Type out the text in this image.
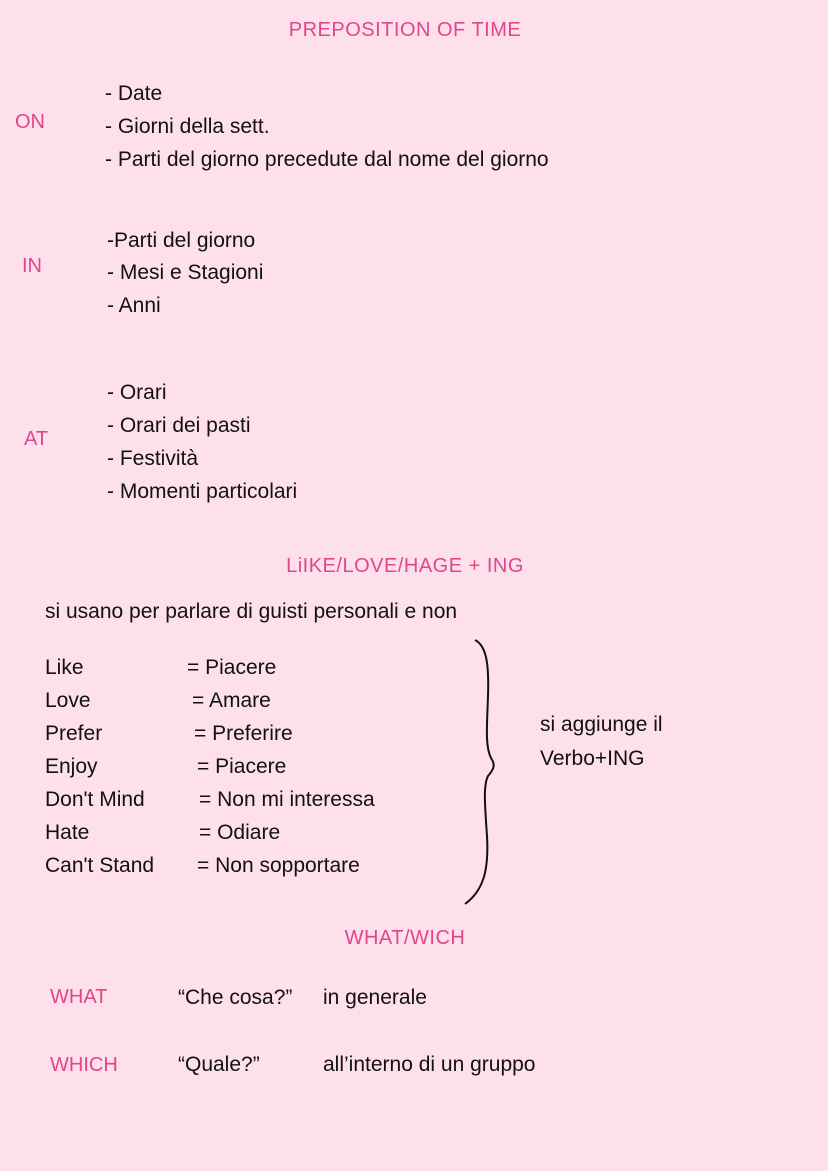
PREPOSITION OF TIME
ON
- Date
- Giorni della sett.
- Parti del giorno precedute dal nome del giorno
IN
-Parti del giorno
- Mesi e Stagioni
- Anni
AT
- Orari
- Orari dei pasti
- Festività
- Momenti particolari
LiIKE/LOVE/HAGE + ING
si usano per parlare di guisti personali e non
Like	= Piacere
Love	= Amare
Prefer	= Preferire
Enjoy	= Piacere
Don't Mind	= Non mi interessa
Hate	= Odiare
Can't Stand = Non sopportare
si aggiunge il
Verbo+ING
WHAT/WICH
WHAT	“Che cosa?” in generale
WHICH	“Quale?”	all’interno di un gruppo
